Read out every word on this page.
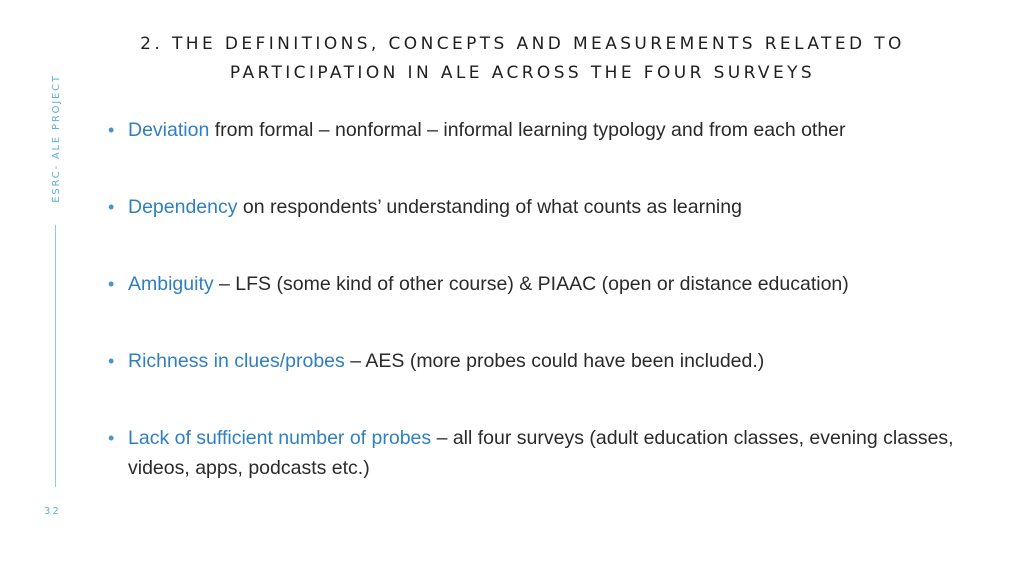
ESRC- ALE PROJECT
32
2. THE DEFINITIONS, CONCEPTS AND MEASUREMENTS RELATED TO PARTICIPATION IN ALE ACROSS THE FOUR SURVEYS
• Deviation from formal – nonformal – informal learning typology and from each other
• Dependency on respondents’ understanding of what counts as learning
• Ambiguity – LFS (some kind of other course) & PIAAC (open or distance education)
• Richness in clues/probes – AES (more probes could have been included.)
• Lack of sufficient number of probes – all four surveys (adult education classes, evening classes, videos, apps, podcasts etc.)
